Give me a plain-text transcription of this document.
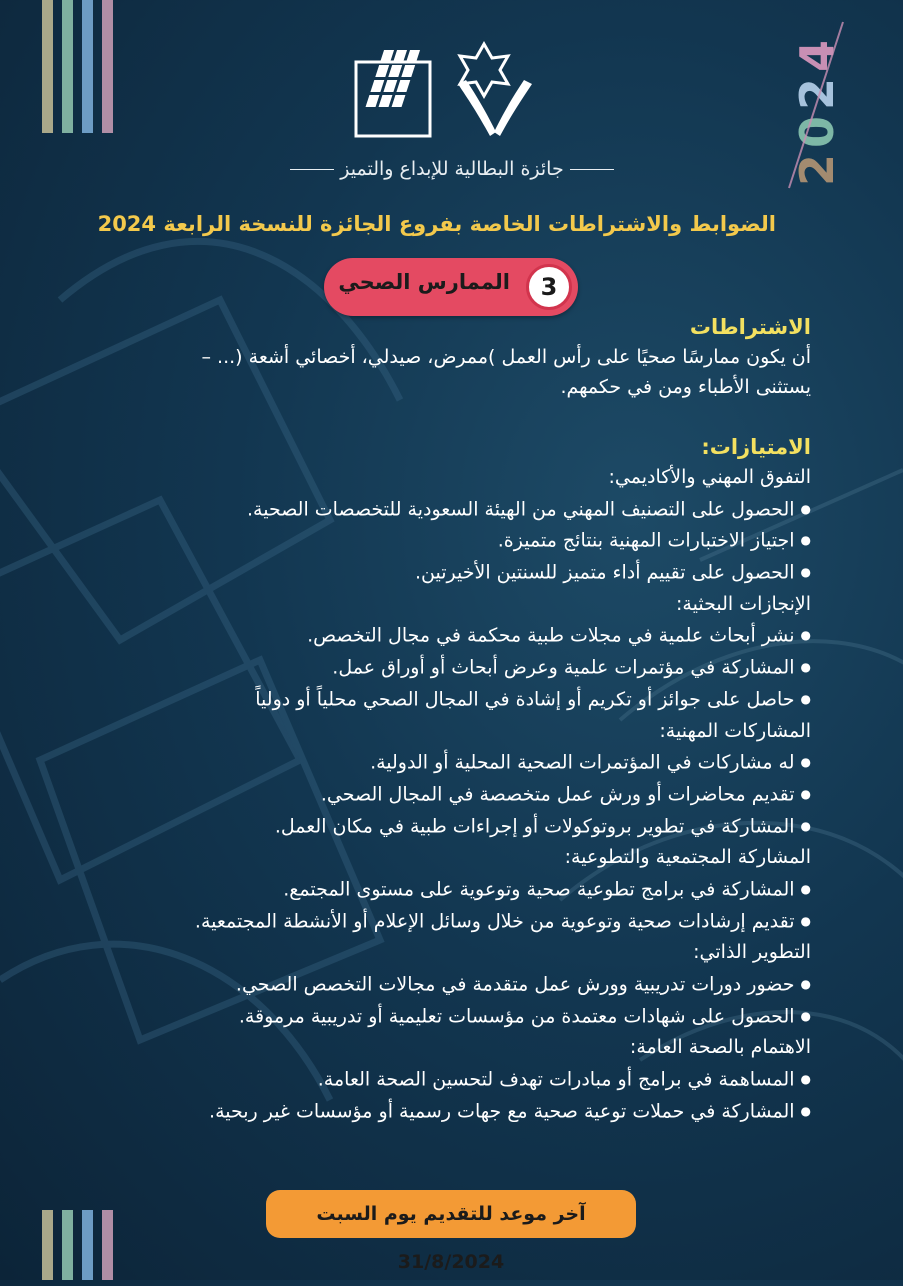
2
0
2
4
جائزة البطالية للإبداع والتميز
الضوابط والاشتراطات الخاصة بفروع الجائزة للنسخة الرابعة 2024
3
الممارس الصحي
الاشتراطات
أن يكون ممارسًا صحيًا على رأس العمل )ممرض، صيدلي، أخصائي أشعة (... –
يستثنى الأطباء ومن في حكمهم.
الامتيازات:
التفوق المهني والأكاديمي:
●الحصول على التصنيف المهني من الهيئة السعودية للتخصصات الصحية.
●اجتياز الاختبارات المهنية بنتائج متميزة.
●الحصول على تقييم أداء متميز للسنتين الأخيرتين.
الإنجازات البحثية:
●نشر أبحاث علمية في مجلات طبية محكمة في مجال التخصص.
●المشاركة في مؤتمرات علمية وعرض أبحاث أو أوراق عمل.
●حاصل على جوائز أو تكريم أو إشادة في المجال الصحي محلياً أو دولياً
المشاركات المهنية:
●له مشاركات في المؤتمرات الصحية المحلية أو الدولية.
●تقديم محاضرات أو ورش عمل متخصصة في المجال الصحي.
●المشاركة في تطوير بروتوكولات أو إجراءات طبية في مكان العمل.
المشاركة المجتمعية والتطوعية:
●المشاركة في برامج تطوعية صحية وتوعوية على مستوى المجتمع.
●تقديم إرشادات صحية وتوعوية من خلال وسائل الإعلام أو الأنشطة المجتمعية.
التطوير الذاتي:
●حضور دورات تدريبية وورش عمل متقدمة في مجالات التخصص الصحي.
●الحصول على شهادات معتمدة من مؤسسات تعليمية أو تدريبية مرموقة.
الاهتمام بالصحة العامة:
●المساهمة في برامج أو مبادرات تهدف لتحسين الصحة العامة.
●المشاركة في حملات توعية صحية مع جهات رسمية أو مؤسسات غير ربحية.
آخر موعد للتقديم يوم السبت 31/8/2024
